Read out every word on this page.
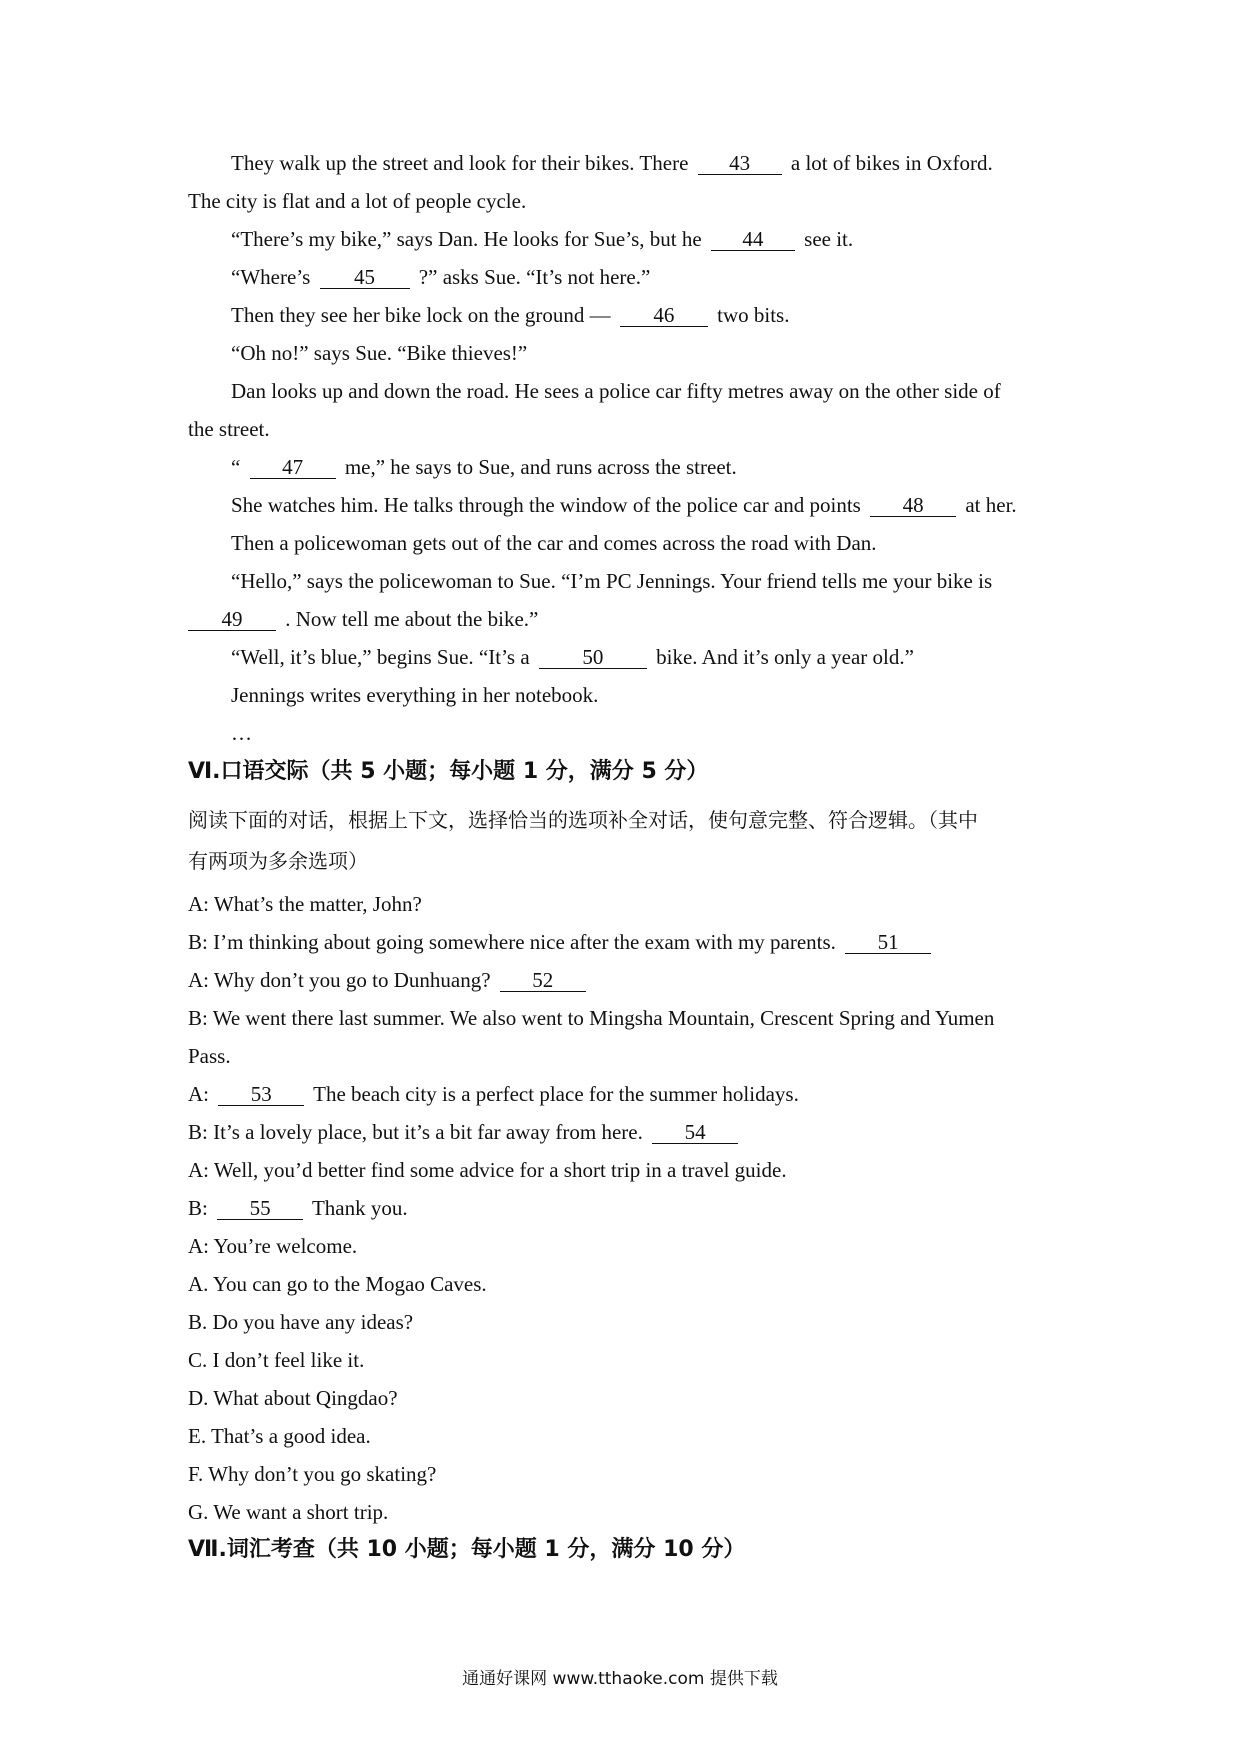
They walk up the street and look for their bikes. There 43 a lot of bikes in Oxford.
The city is flat and a lot of people cycle.
“There’s my bike,” says Dan. He looks for Sue’s, but he 44 see it.
“Where’s 45 ?” asks Sue. “It’s not here.”
Then they see her bike lock on the ground — 46 two bits.
“Oh no!” says Sue. “Bike thieves!”
Dan looks up and down the road. He sees a police car fifty metres away on the other side of
the street.
“ 47 me,” he says to Sue, and runs across the street.
She watches him. He talks through the window of the police car and points 48 at her.
Then a policewoman gets out of the car and comes across the road with Dan.
“Hello,” says the policewoman to Sue. “I’m PC Jennings. Your friend tells me your bike is
49 . Now tell me about the bike.”
“Well, it’s blue,” begins Sue. “It’s a	50	bike. And it’s only a year old.”
Jennings writes everything in her notebook.
…
Ⅵ.口语交际（共 5 小题；每小题 1 分，满分 5 分）
阅读下面的对话，根据上下文，选择恰当的选项补全对话，使句意完整、符合逻辑。（其中
有两项为多余选项）
A: What’s the matter, John?
B: I’m thinking about going somewhere nice after the exam with my parents. 51
A: Why don’t you go to Dunhuang? 52
B: We went there last summer. We also went to Mingsha Mountain, Crescent Spring and Yumen
Pass.
A: 53 The beach city is a perfect place for the summer holidays.
B: It’s a lovely place, but it’s a bit far away from here. 54
A: Well, you’d better find some advice for a short trip in a travel guide.
B: 55 Thank you.
A: You’re welcome.
A. You can go to the Mogao Caves.
B. Do you have any ideas?
C. I don’t feel like it.
D. What about Qingdao?
E. That’s a good idea.
F. Why don’t you go skating?
G. We want a short trip.
Ⅶ.词汇考查（共 10 小题；每小题 1 分，满分 10 分）
通通好课网 www.tthaoke.com 提供下载
